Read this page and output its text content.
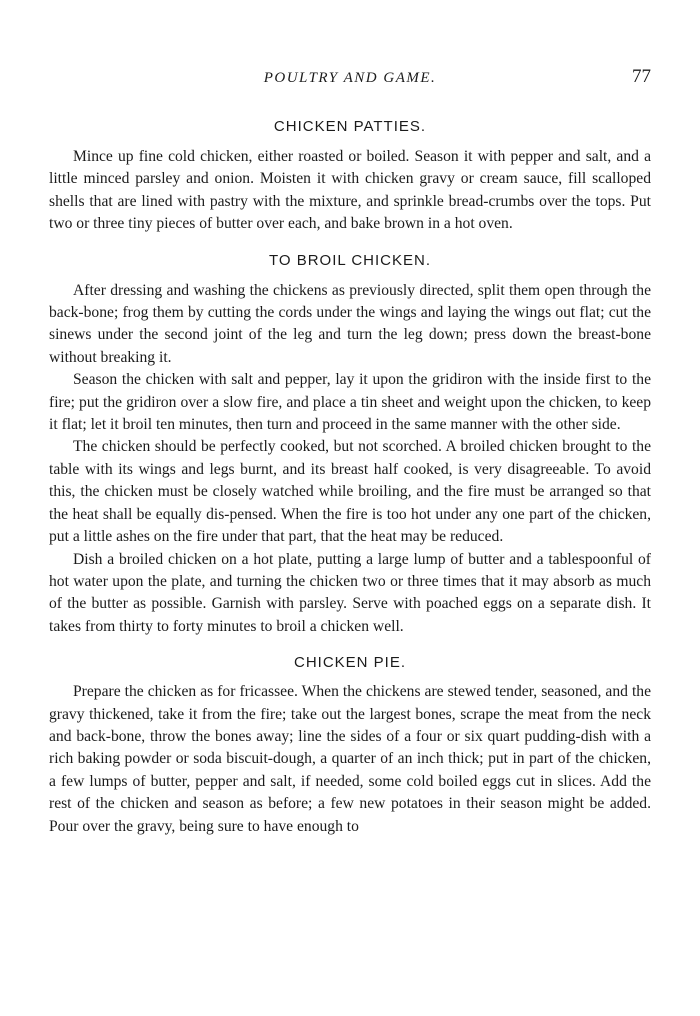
POULTRY AND GAME.	77
CHICKEN PATTIES.

Mince up fine cold chicken, either roasted or boiled. Season it with pepper and salt, and a little minced parsley and onion. Moisten it with chicken gravy or cream sauce, fill scalloped shells that are lined with pastry with the mixture, and sprinkle bread-crumbs over the tops. Put two or three tiny pieces of butter over each, and bake brown in a hot oven.

TO BROIL CHICKEN.

After dressing and washing the chickens as previously directed, split them open through the back-bone; frog them by cutting the cords under the wings and laying the wings out flat; cut the sinews under the second joint of the leg and turn the leg down; press down the breast-bone without breaking it.

Season the chicken with salt and pepper, lay it upon the gridiron with the inside first to the fire; put the gridiron over a slow fire, and place a tin sheet and weight upon the chicken, to keep it flat; let it broil ten minutes, then turn and proceed in the same manner with the other side.

The chicken should be perfectly cooked, but not scorched. A broiled chicken brought to the table with its wings and legs burnt, and its breast half cooked, is very disagreeable. To avoid this, the chicken must be closely watched while broiling, and the fire must be arranged so that the heat shall be equally dis-pensed. When the fire is too hot under any one part of the chicken, put a little ashes on the fire under that part, that the heat may be reduced.

Dish a broiled chicken on a hot plate, putting a large lump of butter and a tablespoonful of hot water upon the plate, and turning the chicken two or three times that it may absorb as much of the butter as possible. Garnish with parsley. Serve with poached eggs on a separate dish. It takes from thirty to forty minutes to broil a chicken well.

CHICKEN PIE.

Prepare the chicken as for fricassee. When the chickens are stewed tender, seasoned, and the gravy thickened, take it from the fire; take out the largest bones, scrape the meat from the neck and back-bone, throw the bones away; line the sides of a four or six quart pudding-dish with a rich baking powder or soda biscuit-dough, a quarter of an inch thick; put in part of the chicken, a few lumps of butter, pepper and salt, if needed, some cold boiled eggs cut in slices. Add the rest of the chicken and season as before; a few new potatoes in their season might be added. Pour over the gravy, being sure to have enough to
